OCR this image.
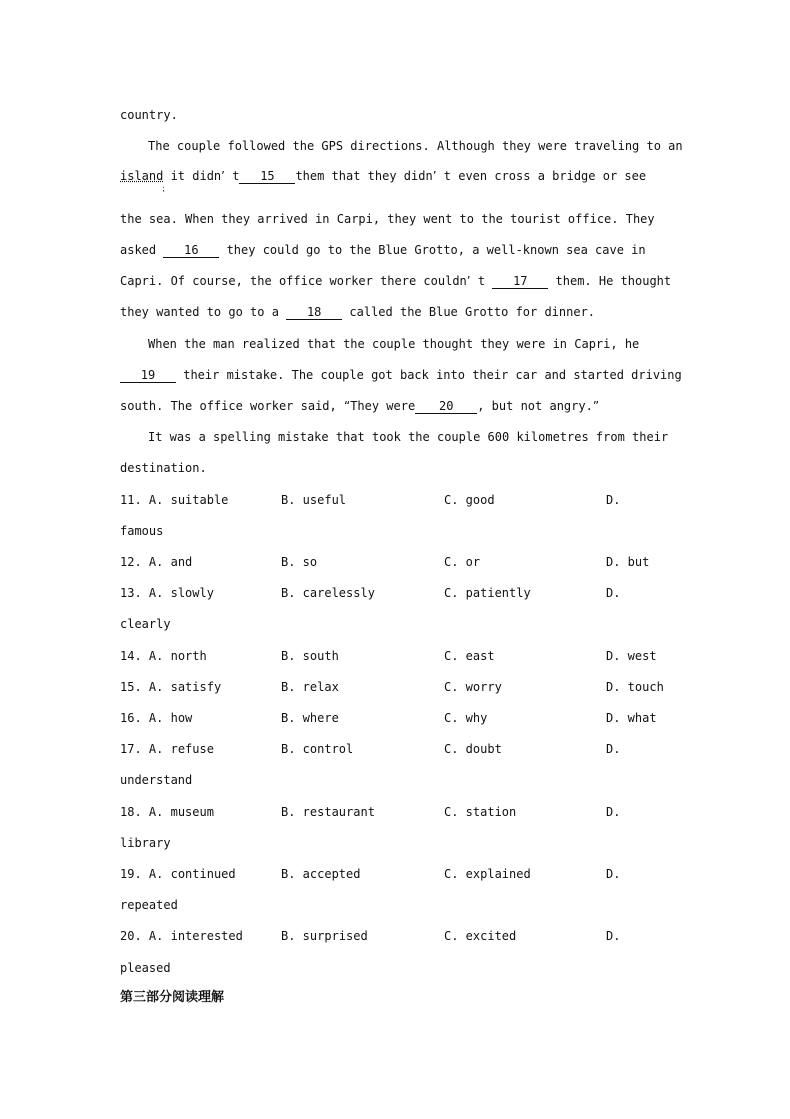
country.
The couple followed the GPS directions. Although they were traveling to an
island it didn’ t 15 them that they didn’ t even cross a bridge or see
⁏
the sea. When they arrived in Carpi, they went to the tourist office. They
asked 16 they could go to the Blue Grotto, a well-known sea cave in
Capri. Of course, the office worker there couldn’ t 17 them. He thought
they wanted to go to a 18 called the Blue Grotto for dinner.
When the man realized that the couple thought they were in Capri, he
19 their mistake. The couple got back into their car and started driving
south. The office worker said, “They were 20 , but not angry.”
It was a spelling mistake that took the couple 600 kilometres from their
destination.
11. A. suitable	B. useful	C. good	D.
famous
12. A. and	B. so	C. or	D. but
13. A. slowly	B. carelessly	C. patiently	D.
clearly
14. A. north	B. south	C. east	D. west
15. A. satisfy	B. relax	C. worry	D. touch
16. A. how	B. where	C. why	D. what
17. A. refuse	B. control	C. doubt	D.
understand
18. A. museum	B. restaurant	C. station	D.
library
19. A. continued	B. accepted	C. explained	D.
repeated
20. A. interested	B. surprised	C. excited	D.
pleased
第三部分阅读理解
